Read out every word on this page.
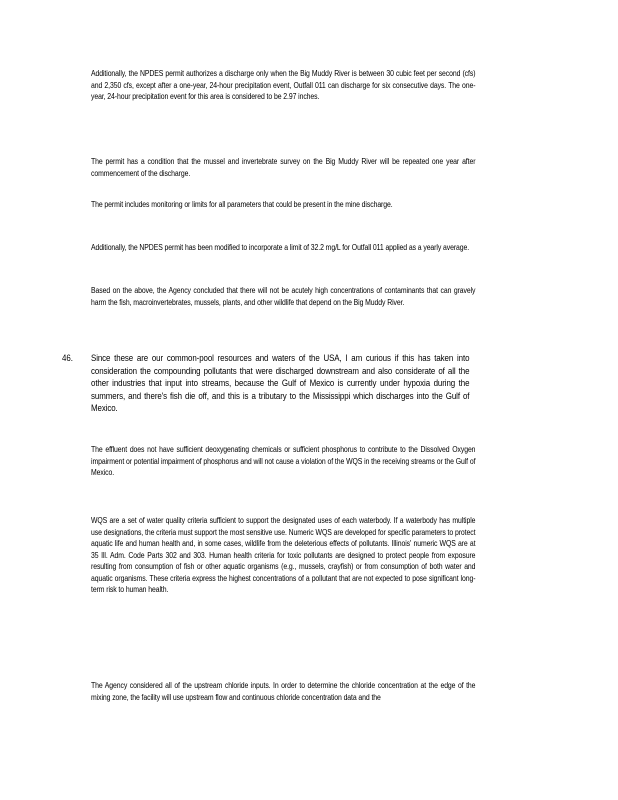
Additionally, the NPDES permit authorizes a discharge only when the Big Muddy River is between 30 cubic feet per second (cfs) and 2,350 cfs, except after a one-year, 24-hour precipitation event, Outfall 011 can discharge for six consecutive days. The one-year, 24-hour precipitation event for this area is considered to be 2.97 inches.

The permit has a condition that the mussel and invertebrate survey on the Big Muddy River will be repeated one year after commencement of the discharge.

The permit includes monitoring or limits for all parameters that could be present in the mine discharge.

Additionally, the NPDES permit has been modified to incorporate a limit of 32.2 mg/L for Outfall 011 applied as a yearly average.

Based on the above, the Agency concluded that there will not be acutely high concentrations of contaminants that can gravely harm the fish, macroinvertebrates, mussels, plants, and other wildlife that depend on the Big Muddy River.

46. Since these are our common-pool resources and waters of the USA, I am curious if this has taken into consideration the compounding pollutants that were discharged downstream and also considerate of all the other industries that input into streams, because the Gulf of Mexico is currently under hypoxia during the summers, and there's fish die off, and this is a tributary to the Mississippi which discharges into the Gulf of Mexico.

The effluent does not have sufficient deoxygenating chemicals or sufficient phosphorus to contribute to the Dissolved Oxygen impairment or potential impairment of phosphorus and will not cause a violation of the WQS in the receiving streams or the Gulf of Mexico.

WQS are a set of water quality criteria sufficient to support the designated uses of each waterbody. If a waterbody has multiple use designations, the criteria must support the most sensitive use. Numeric WQS are developed for specific parameters to protect aquatic life and human health and, in some cases, wildlife from the deleterious effects of pollutants. Illinois' numeric WQS are at 35 Ill. Adm. Code Parts 302 and 303. Human health criteria for toxic pollutants are designed to protect people from exposure resulting from consumption of fish or other aquatic organisms (e.g., mussels, crayfish) or from consumption of both water and aquatic organisms. These criteria express the highest concentrations of a pollutant that are not expected to pose significant long-term risk to human health.

The Agency considered all of the upstream chloride inputs. In order to determine the chloride concentration at the edge of the mixing zone, the facility will use upstream flow and continuous chloride concentration data and the
